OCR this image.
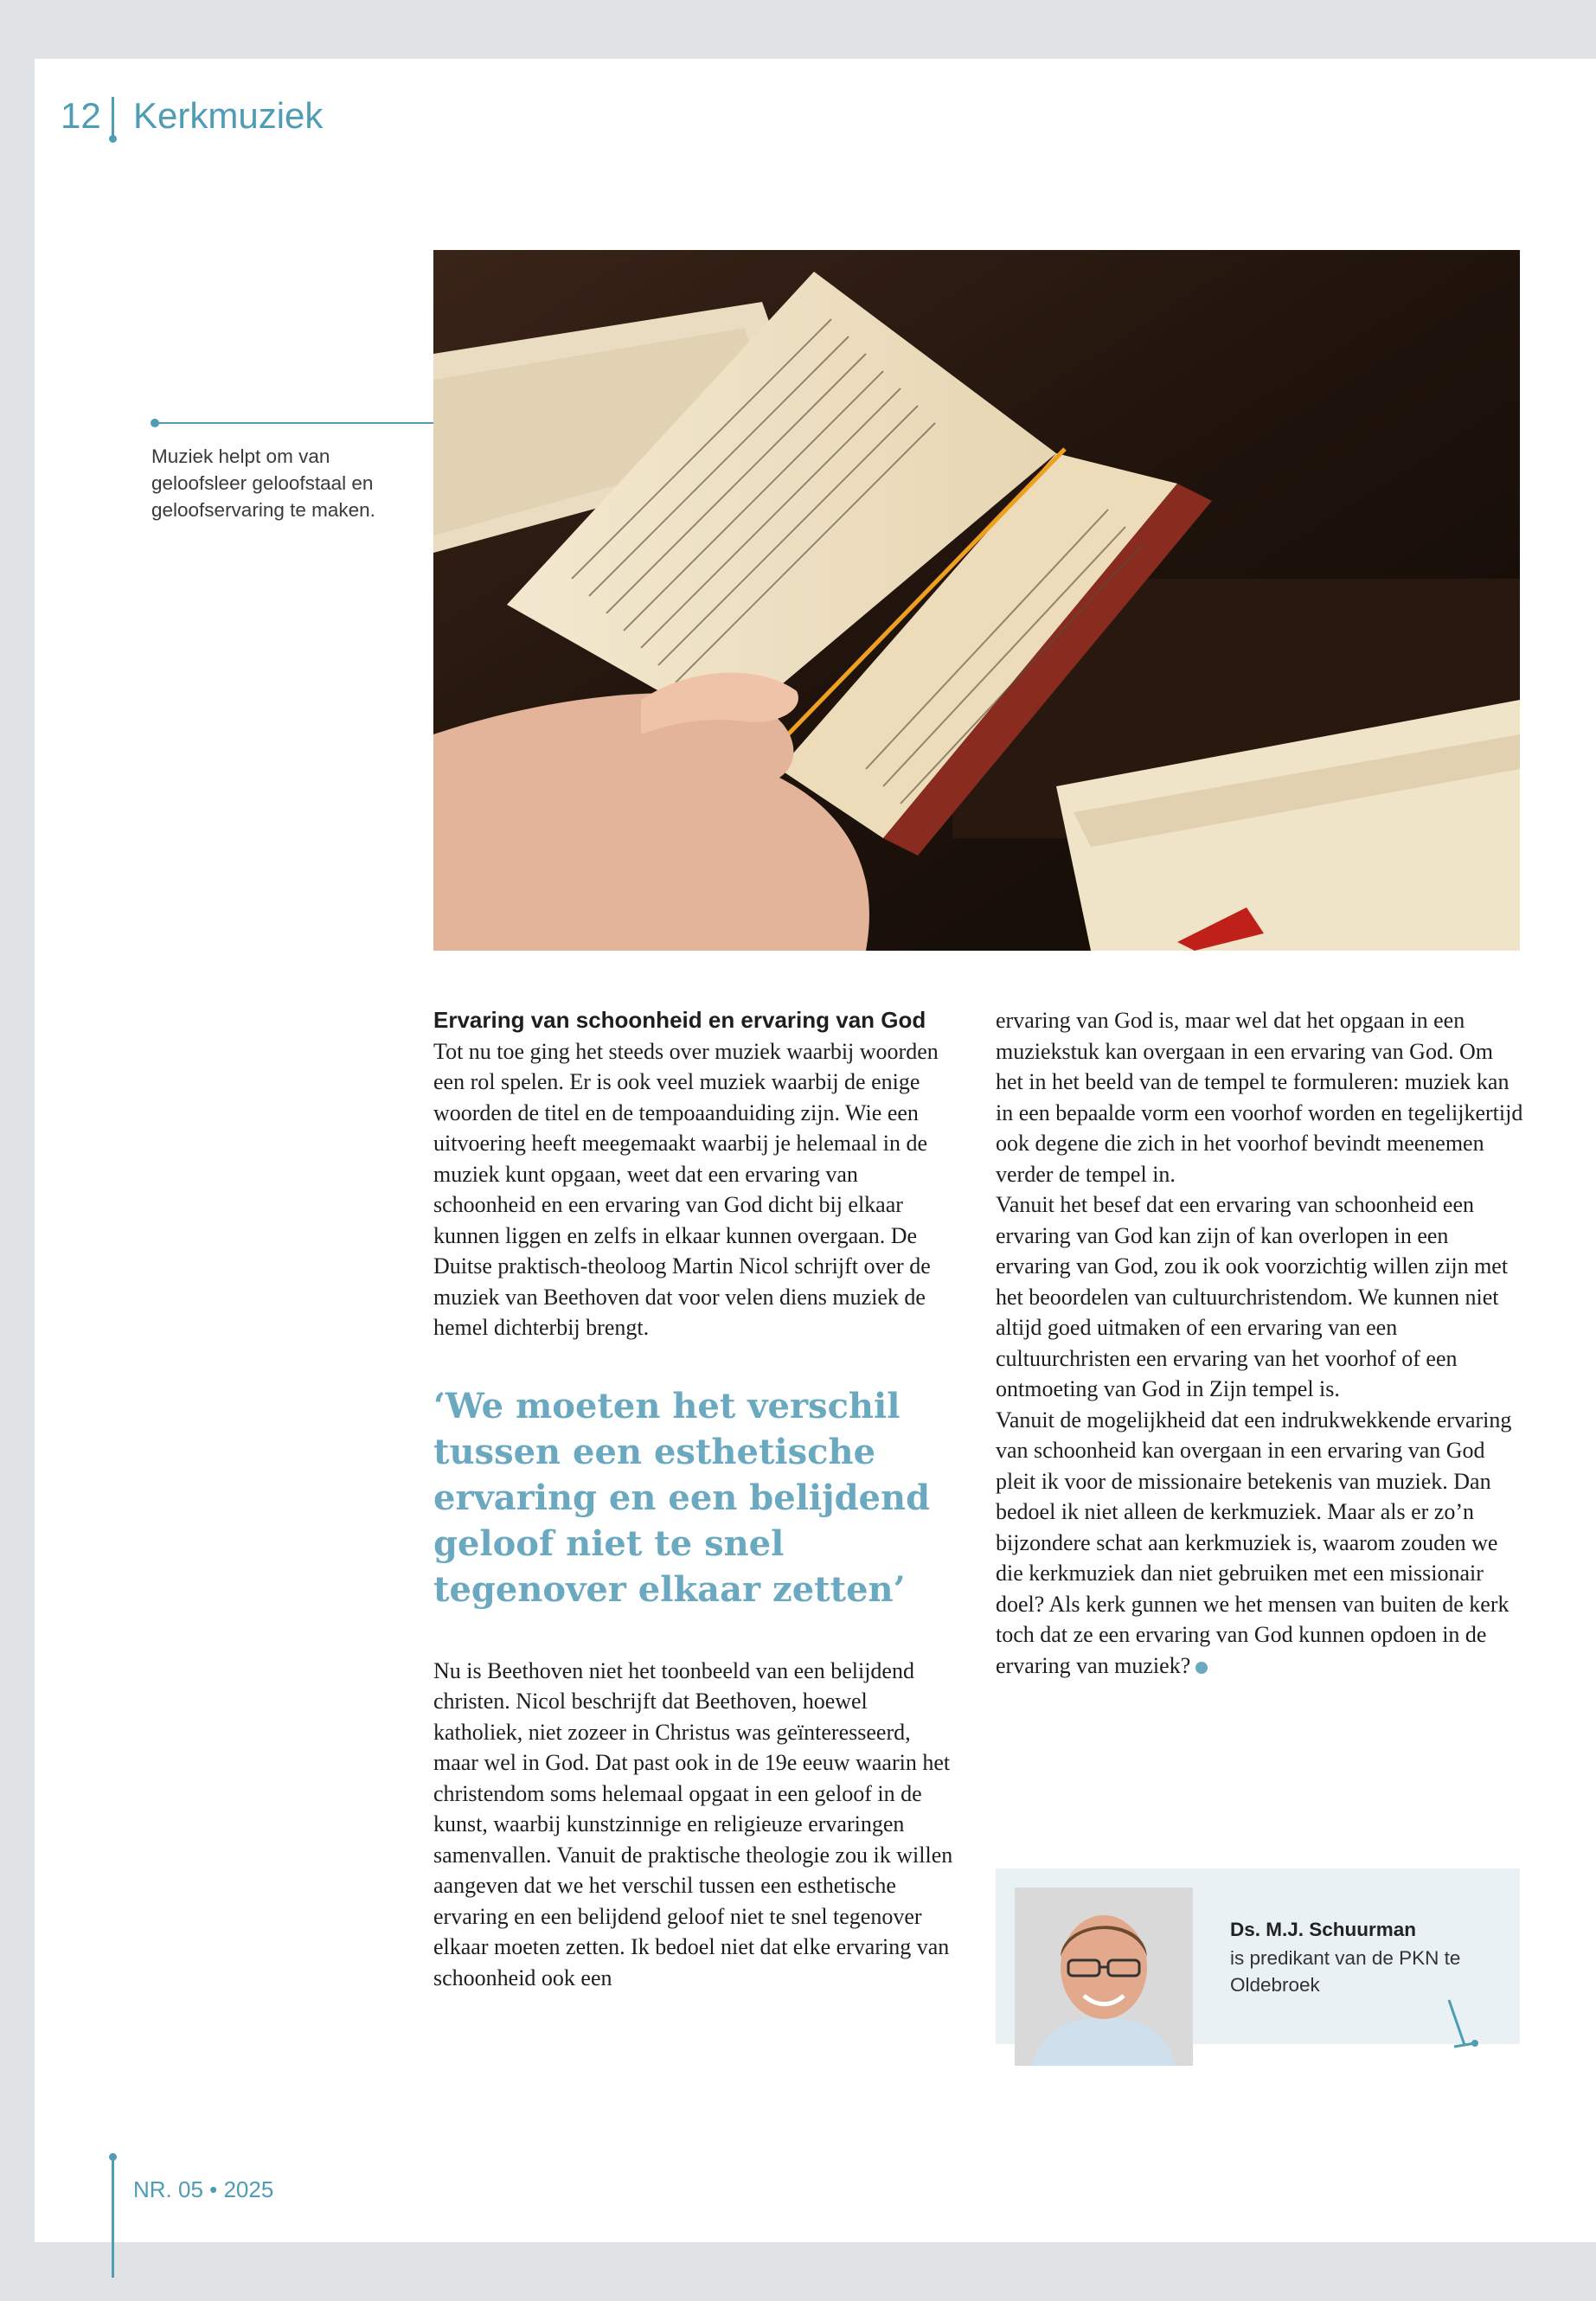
12 Kerkmuziek
Muziek helpt om van geloofsleer geloofstaal en geloofservaring te maken.
Ervaring van schoonheid en ervaring van God

Tot nu toe ging het steeds over muziek waarbij woorden een rol spelen. Er is ook veel muziek waarbij de enige woorden de titel en de tempoaanduiding zijn. Wie een uitvoering heeft meegemaakt waarbij je helemaal in de muziek kunt opgaan, weet dat een ervaring van schoonheid en een ervaring van God dicht bij elkaar kunnen liggen en zelfs in elkaar kunnen overgaan. De Duitse praktisch-theoloog Martin Nicol schrijft over de muziek van Beethoven dat voor velen diens muziek de hemel dichterbij brengt.

‘We moeten het verschil tussen een esthetische ervaring en een belijdend geloof niet te snel tegenover elkaar zetten’

Nu is Beethoven niet het toonbeeld van een belijdend christen. Nicol beschrijft dat Beethoven, hoewel katholiek, niet zozeer in Christus was geïnteresseerd, maar wel in God. Dat past ook in de 19e eeuw waarin het christendom soms helemaal opgaat in een geloof in de kunst, waarbij kunstzinnige en religieuze ervaringen samenvallen. Vanuit de praktische theologie zou ik willen aangeven dat we het verschil tussen een esthetische ervaring en een belijdend geloof niet te snel tegenover elkaar moeten zetten. Ik bedoel niet dat elke ervaring van schoonheid ook een

ervaring van God is, maar wel dat het opgaan in een muziekstuk kan overgaan in een ervaring van God. Om het in het beeld van de tempel te formuleren: muziek kan in een bepaalde vorm een voorhof worden en tegelijkertijd ook degene die zich in het voorhof bevindt meenemen verder de tempel in.

Vanuit het besef dat een ervaring van schoonheid een ervaring van God kan zijn of kan overlopen in een ervaring van God, zou ik ook voorzichtig willen zijn met het beoordelen van cultuurchristendom. We kunnen niet altijd goed uitmaken of een ervaring van een cultuurchristen een ervaring van het voorhof of een ontmoeting van God in Zijn tempel is.

Vanuit de mogelijkheid dat een indrukwekkende ervaring van schoonheid kan overgaan in een ervaring van God pleit ik voor de missionaire betekenis van muziek. Dan bedoel ik niet alleen de kerkmuziek. Maar als er zo’n bijzondere schat aan kerkmuziek is, waarom zouden we die kerkmuziek dan niet gebruiken met een missionair doel? Als kerk gunnen we het mensen van buiten de kerk toch dat ze een ervaring van God kunnen opdoen in de ervaring van muziek?

Ds. M.J. Schuurman
is predikant van de PKN te Oldebroek
NR. 05 • 2025
